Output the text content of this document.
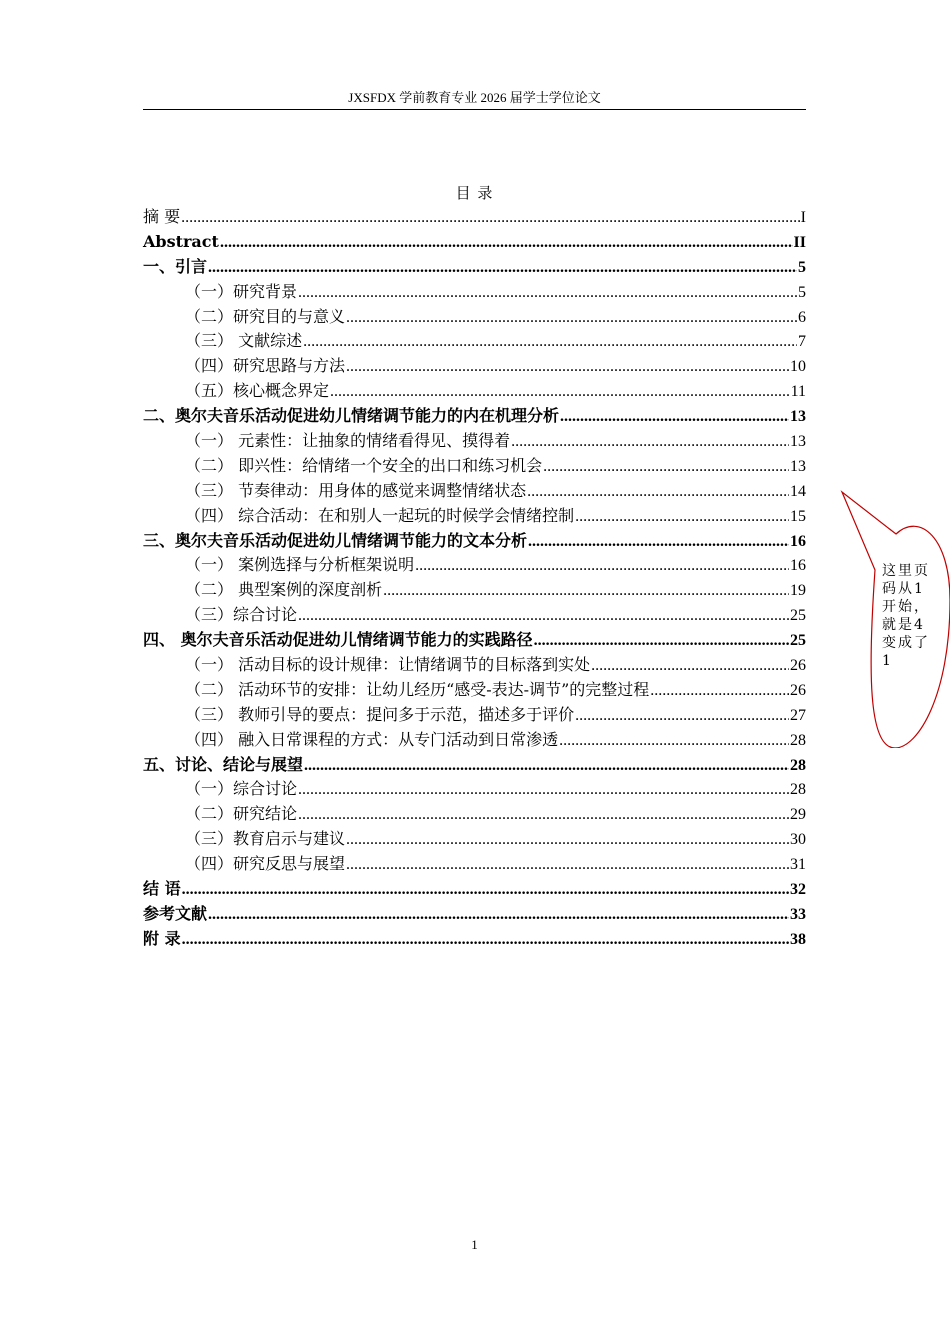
JXSFDX 学前教育专业 2026 届学士学位论文
目 录
摘 要 .....	I
Abstract .....	II
一、引言 .....	5
（一）研究背景 .....	5
（二）研究目的与意义 .....	6
（三） 文献综述 .....	7
（四）研究思路与方法 .....	10
（五）核心概念界定 .....	11
二、奥尔夫音乐活动促进幼儿情绪调节能力的内在机理分析 .....	13
（一） 元素性：让抽象的情绪看得见、摸得着 .....	13
（二） 即兴性：给情绪一个安全的出口和练习机会 .....	13
（三） 节奏律动：用身体的感觉来调整情绪状态 .....	14
（四） 综合活动：在和别人一起玩的时候学会情绪控制 .....	15
三、奥尔夫音乐活动促进幼儿情绪调节能力的文本分析 .....	16
（一） 案例选择与分析框架说明 .....	16
（二） 典型案例的深度剖析 .....	19
（三）综合讨论 .....	25
四、 奥尔夫音乐活动促进幼儿情绪调节能力的实践路径 .....	25
（一） 活动目标的设计规律：让情绪调节的目标落到实处 .....	26
（二） 活动环节的安排：让幼儿经历“感受-表达-调节”的完整过程 .....	26
（三） 教师引导的要点：提问多于示范，描述多于评价 .....	27
（四） 融入日常课程的方式：从专门活动到日常渗透 .....	28
五、讨论、结论与展望 .....	28
（一）综合讨论 .....	28
（二）研究结论 .....	29
（三）教育启示与建议 .....	30
（四）研究反思与展望 .....	31
结 语 .....	32
参考文献 .....	33
附 录 .....	38
这里页码从1开始，就是4变成了1
1
